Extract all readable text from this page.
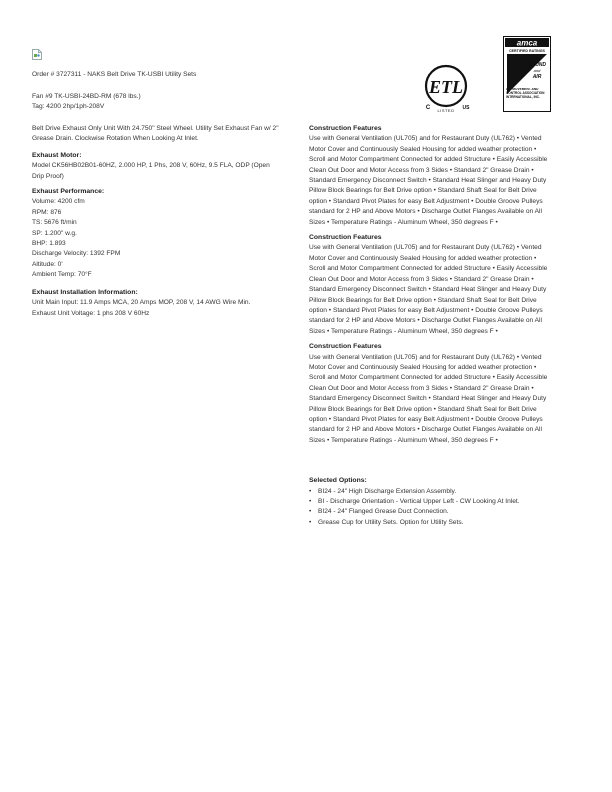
Order # 3727311 - NAKS Belt Drive TK-USBI Utility Sets
Fan #9 TK-USBI-24BD-RM (678 lbs.)
Tag: 4200 2hp/1ph-208V
Belt Drive Exhaust Only Unit With 24.750" Steel Wheel. Utility Set Exhaust Fan w/ 2" Grease Drain. Clockwise Rotation When Looking At Inlet.
Exhaust Motor:
Model CK56HB02B01-60HZ, 2.000 HP, 1 Phs, 208 V, 60Hz, 9.5 FLA, ODP (Open Drip Proof)
Exhaust Performance:
Volume: 4200 cfm
RPM: 876
TS: 5676 ft/min
SP: 1.200" w.g.
BHP: 1.893
Discharge Velocity: 1392 FPM
Altitude: 0'
Ambient Temp: 70°F
Exhaust Installation Information:
Unit Main Input: 11.9 Amps MCA, 20 Amps MOP, 208 V, 14 AWG Wire Min.
Exhaust Unit Voltage: 1 phs 208 V 60Hz
Construction Features
Use with General Ventilation (UL705) and for Restaurant Duty (UL762) • Vented Motor Cover and Continuously Sealed Housing for added weather protection • Scroll and Motor Compartment Connected for added Structure • Easily Accessible Clean Out Door and Motor Access from 3 Sides • Standard 2" Grease Drain • Standard Emergency Disconnect Switch • Standard Heat Slinger and Heavy Duty Pillow Block Bearings for Belt Drive option • Standard Shaft Seal for Belt Drive option • Standard Pivot Plates for easy Belt Adjustment • Double Groove Pulleys standard for 2 HP and Above Motors • Discharge Outlet Flanges Available on All Sizes • Temperature Ratings - Aluminum Wheel, 350 degrees F •
Construction Features
Use with General Ventilation (UL705) and for Restaurant Duty (UL762) • Vented Motor Cover and Continuously Sealed Housing for added weather protection • Scroll and Motor Compartment Connected for added Structure • Easily Accessible Clean Out Door and Motor Access from 3 Sides • Standard 2" Grease Drain • Standard Emergency Disconnect Switch • Standard Heat Slinger and Heavy Duty Pillow Block Bearings for Belt Drive option • Standard Shaft Seal for Belt Drive option • Standard Pivot Plates for easy Belt Adjustment • Double Groove Pulleys standard for 2 HP and Above Motors • Discharge Outlet Flanges Available on All Sizes • Temperature Ratings - Aluminum Wheel, 350 degrees F •
Construction Features
Use with General Ventilation (UL705) and for Restaurant Duty (UL762) • Vented Motor Cover and Continuously Sealed Housing for added weather protection • Scroll and Motor Compartment Connected for added Structure • Easily Accessible Clean Out Door and Motor Access from 3 Sides • Standard 2" Grease Drain • Standard Emergency Disconnect Switch • Standard Heat Slinger and Heavy Duty Pillow Block Bearings for Belt Drive option • Standard Shaft Seal for Belt Drive option • Standard Pivot Plates for easy Belt Adjustment • Double Groove Pulleys standard for 2 HP and Above Motors • Discharge Outlet Flanges Available on All Sizes • Temperature Ratings - Aluminum Wheel, 350 degrees F •
Selected Options:
• BI24 - 24" High Discharge Extension Assembly.
• BI - Discharge Orientation - Vertical Upper Left - CW Looking At Inlet.
• BI24 - 24" Flanged Grease Duct Connection.
• Grease Cup for Utility Sets. Option for Utility Sets.
ETL
C LISTED US
amca
CERTIFIED RATINGS
SOUND
and
AIR
AIR MOVEMENT AND CONTROL ASSOCIATION INTERNATIONAL, INC.
